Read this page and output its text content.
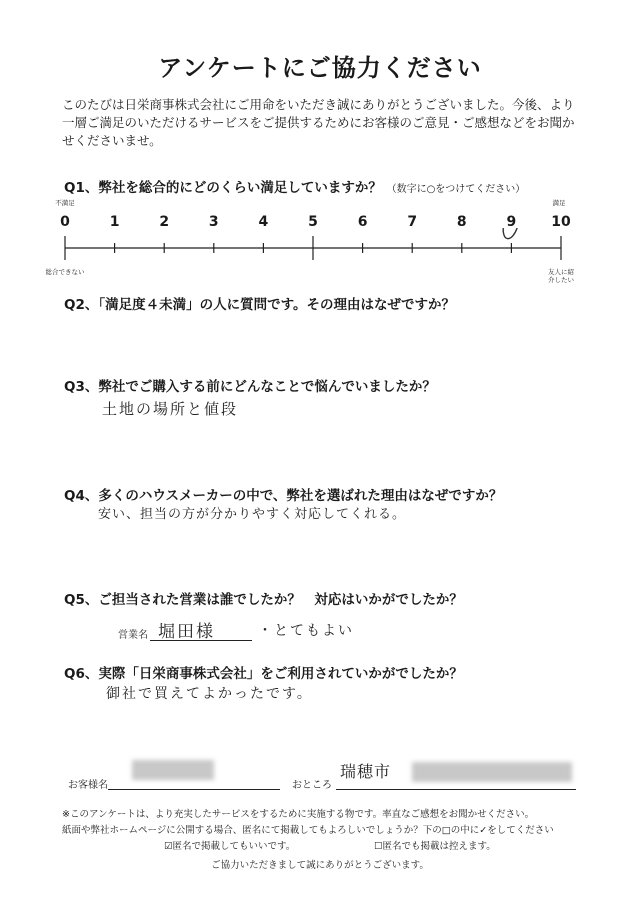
アンケートにご協力ください
このたびは日栄商事株式会社にご用命をいただき誠にありがとうございました。今後、より一層ご満足のいただけるサービスをご提供するためにお客様のご意見・ご感想などをお聞かせくださいませ。
Q1、弊社を総合的にどのくらい満足していますか？ （数字に○をつけてください）
不満足	満足
0	1	2	3	4	5	6	7	8	9	10
総合できない	友人に紹介したい
Q2、「満足度４未満」の人に質問です。その理由はなぜですか？
Q3、弊社でご購入する前にどんなことで悩んでいましたか？
土地の場所と値段
Q4、多くのハウスメーカーの中で、弊社を選ばれた理由はなぜですか？
安い、担当の方が分かりやすく対応してくれる。
Q5、ご担当された営業は誰でしたか？　対応はいかがでしたか？
営業名 堀田様	・とてもよい
Q6、実際「日栄商事株式会社」をご利用されていかがでしたか？
御社で買えてよかったです。
お客様名	おところ
瑞穂市
※このアンケートは、より充実したサービスをするために実施する物です。率直なご感想をお聞かせください。
紙面や弊社ホームページに公開する場合、匿名にて掲載してもよろしいでしょうか？下の□の中に✓をしてください
☑匿名で掲載してもいいです。	☐匿名でも掲載は控えます。
ご協力いただきまして誠にありがとうございます。
